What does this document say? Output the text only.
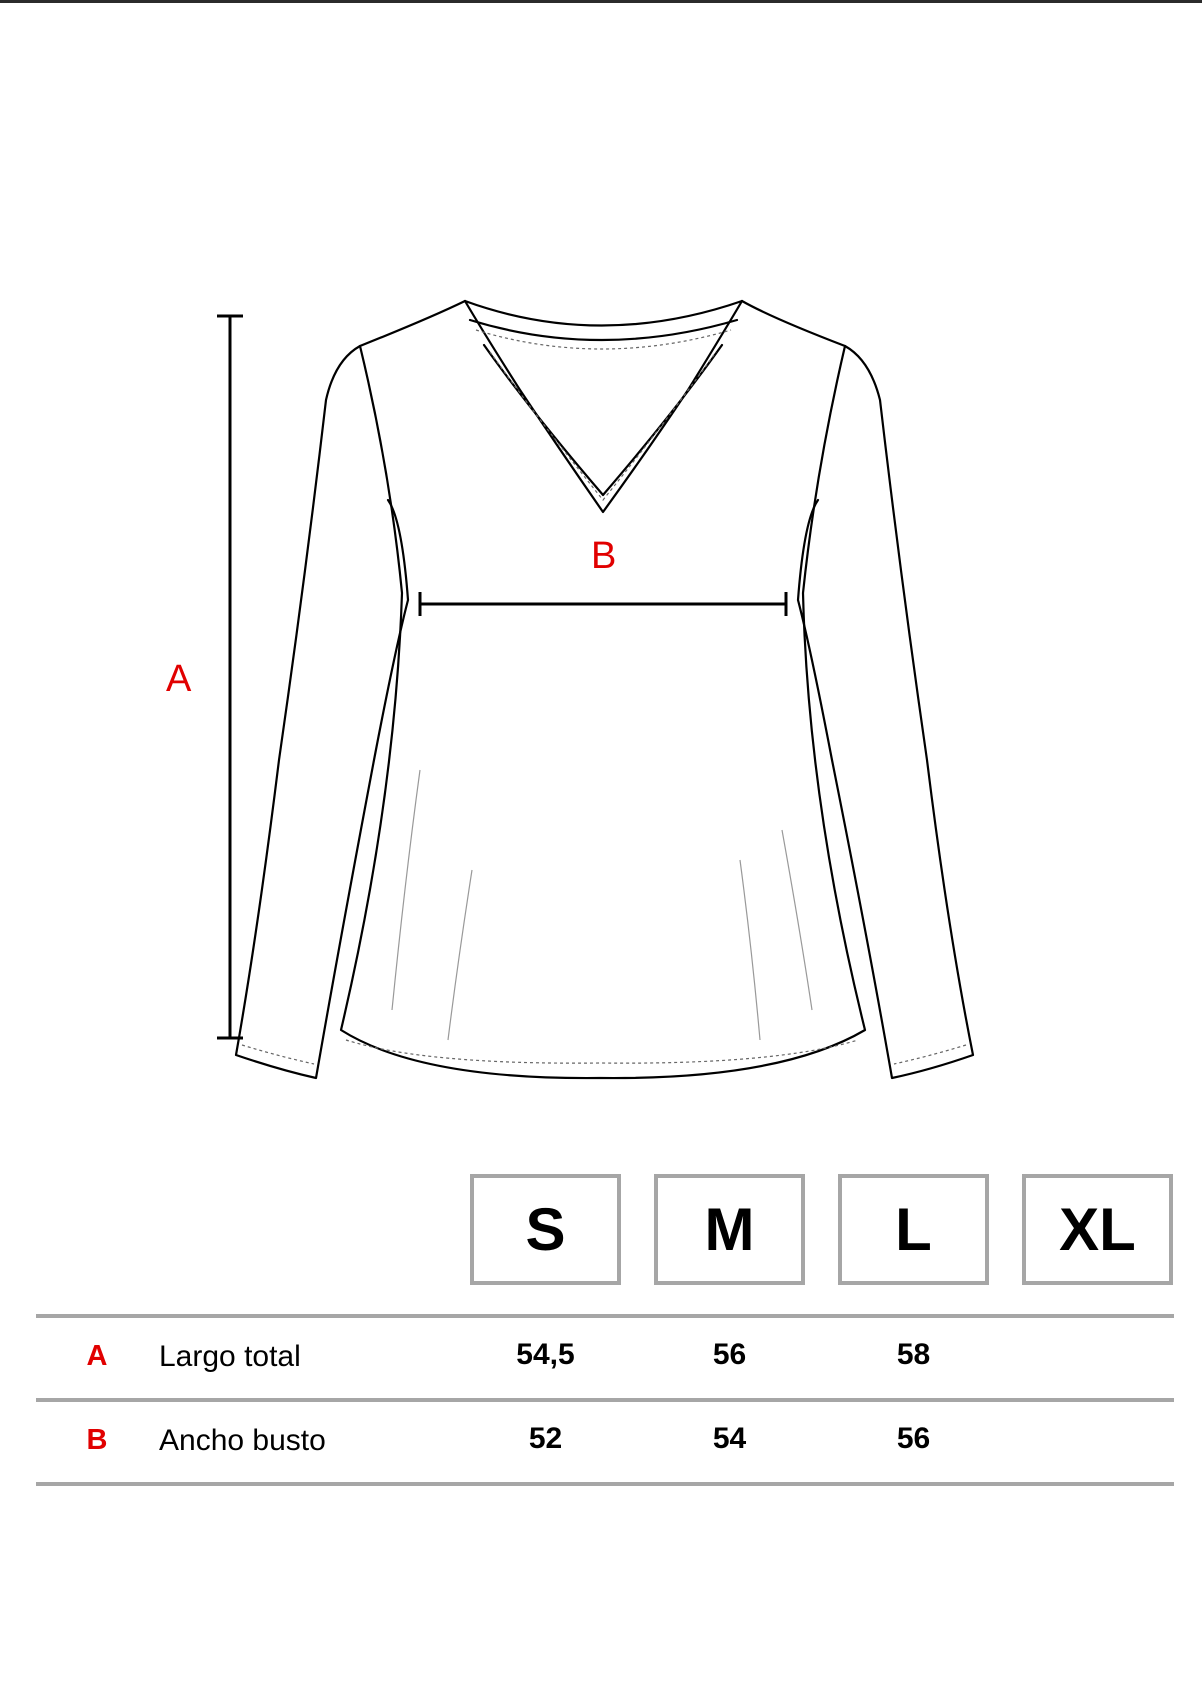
A
B
S	M	L	XL
A Largo total	54,5	56	58
B Ancho busto	52	54	56
